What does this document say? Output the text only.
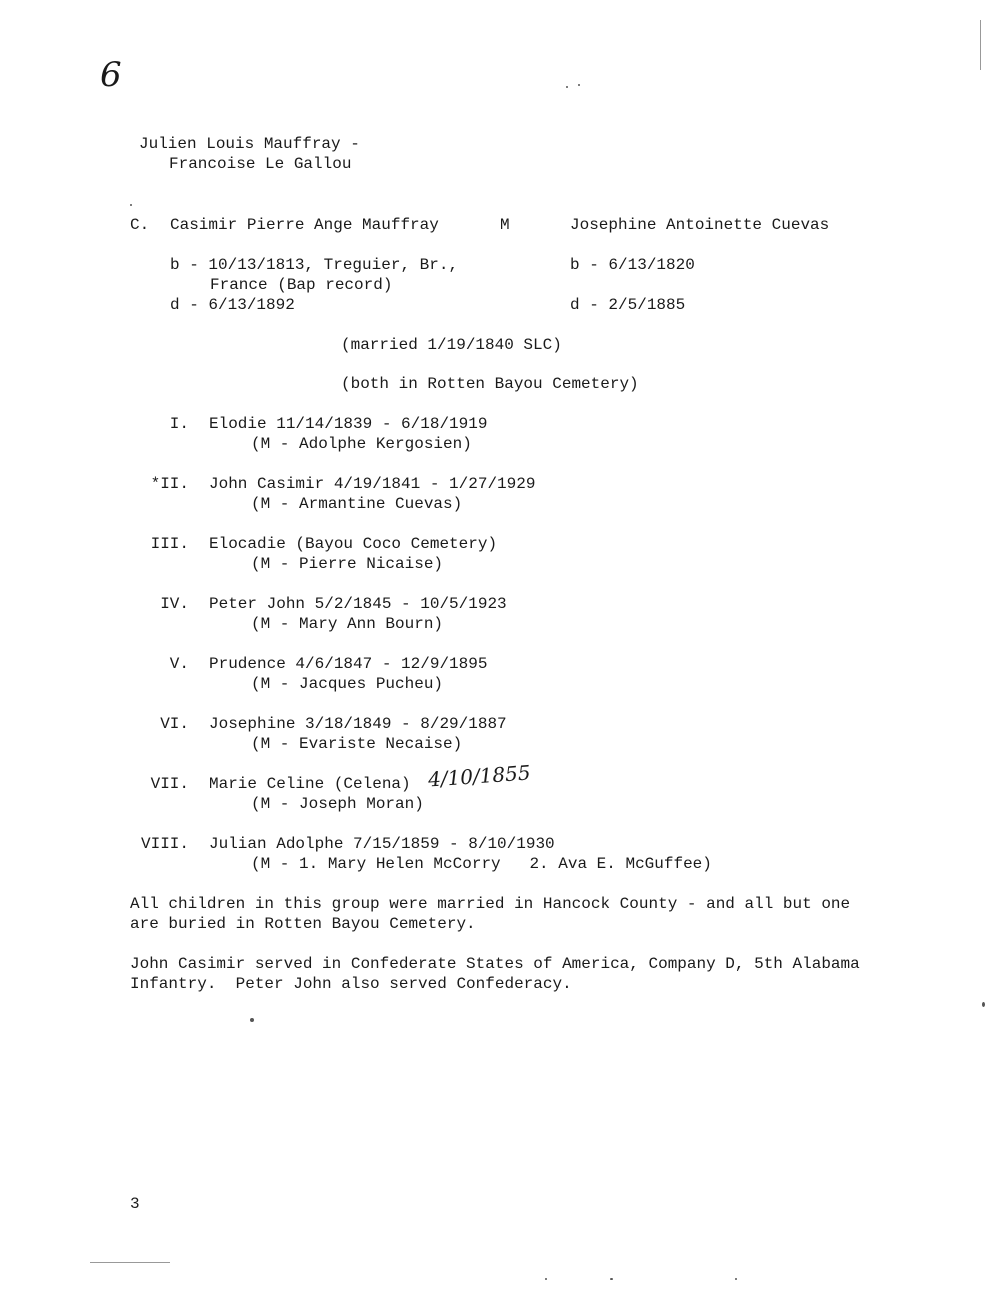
6
Julien Louis Mauffray -
Francoise Le Gallou
C. Casimir Pierre Ange Mauffray	M	Josephine Antoinette Cuevas
b - 10/13/1813, Treguier, Br.,
France (Bap record)
d - 6/13/1892
b - 6/13/1820
d - 2/5/1885
(married 1/19/1840 SLC)
(both in Rotten Bayou Cemetery)
I. Elodie 11/14/1839 - 6/18/1919
(M - Adolphe Kergosien)
*II. John Casimir 4/19/1841 - 1/27/1929
(M - Armantine Cuevas)
III. Elocadie (Bayou Coco Cemetery)
(M - Pierre Nicaise)
IV. Peter John 5/2/1845 - 10/5/1923
(M - Mary Ann Bourn)
V. Prudence 4/6/1847 - 12/9/1895
(M - Jacques Pucheu)
VI. Josephine 3/18/1849 - 8/29/1887
(M - Evariste Necaise)
VII. Marie Celine (Celena) 4/10/1855
(M - Joseph Moran)
VIII. Julian Adolphe 7/15/1859 - 8/10/1930
(M - 1. Mary Helen McCorry   2. Ava E. McGuffee)
All children in this group were married in Hancock County - and all but one
are buried in Rotten Bayou Cemetery.
John Casimir served in Confederate States of America, Company D, 5th Alabama
Infantry.  Peter John also served Confederacy.
3
